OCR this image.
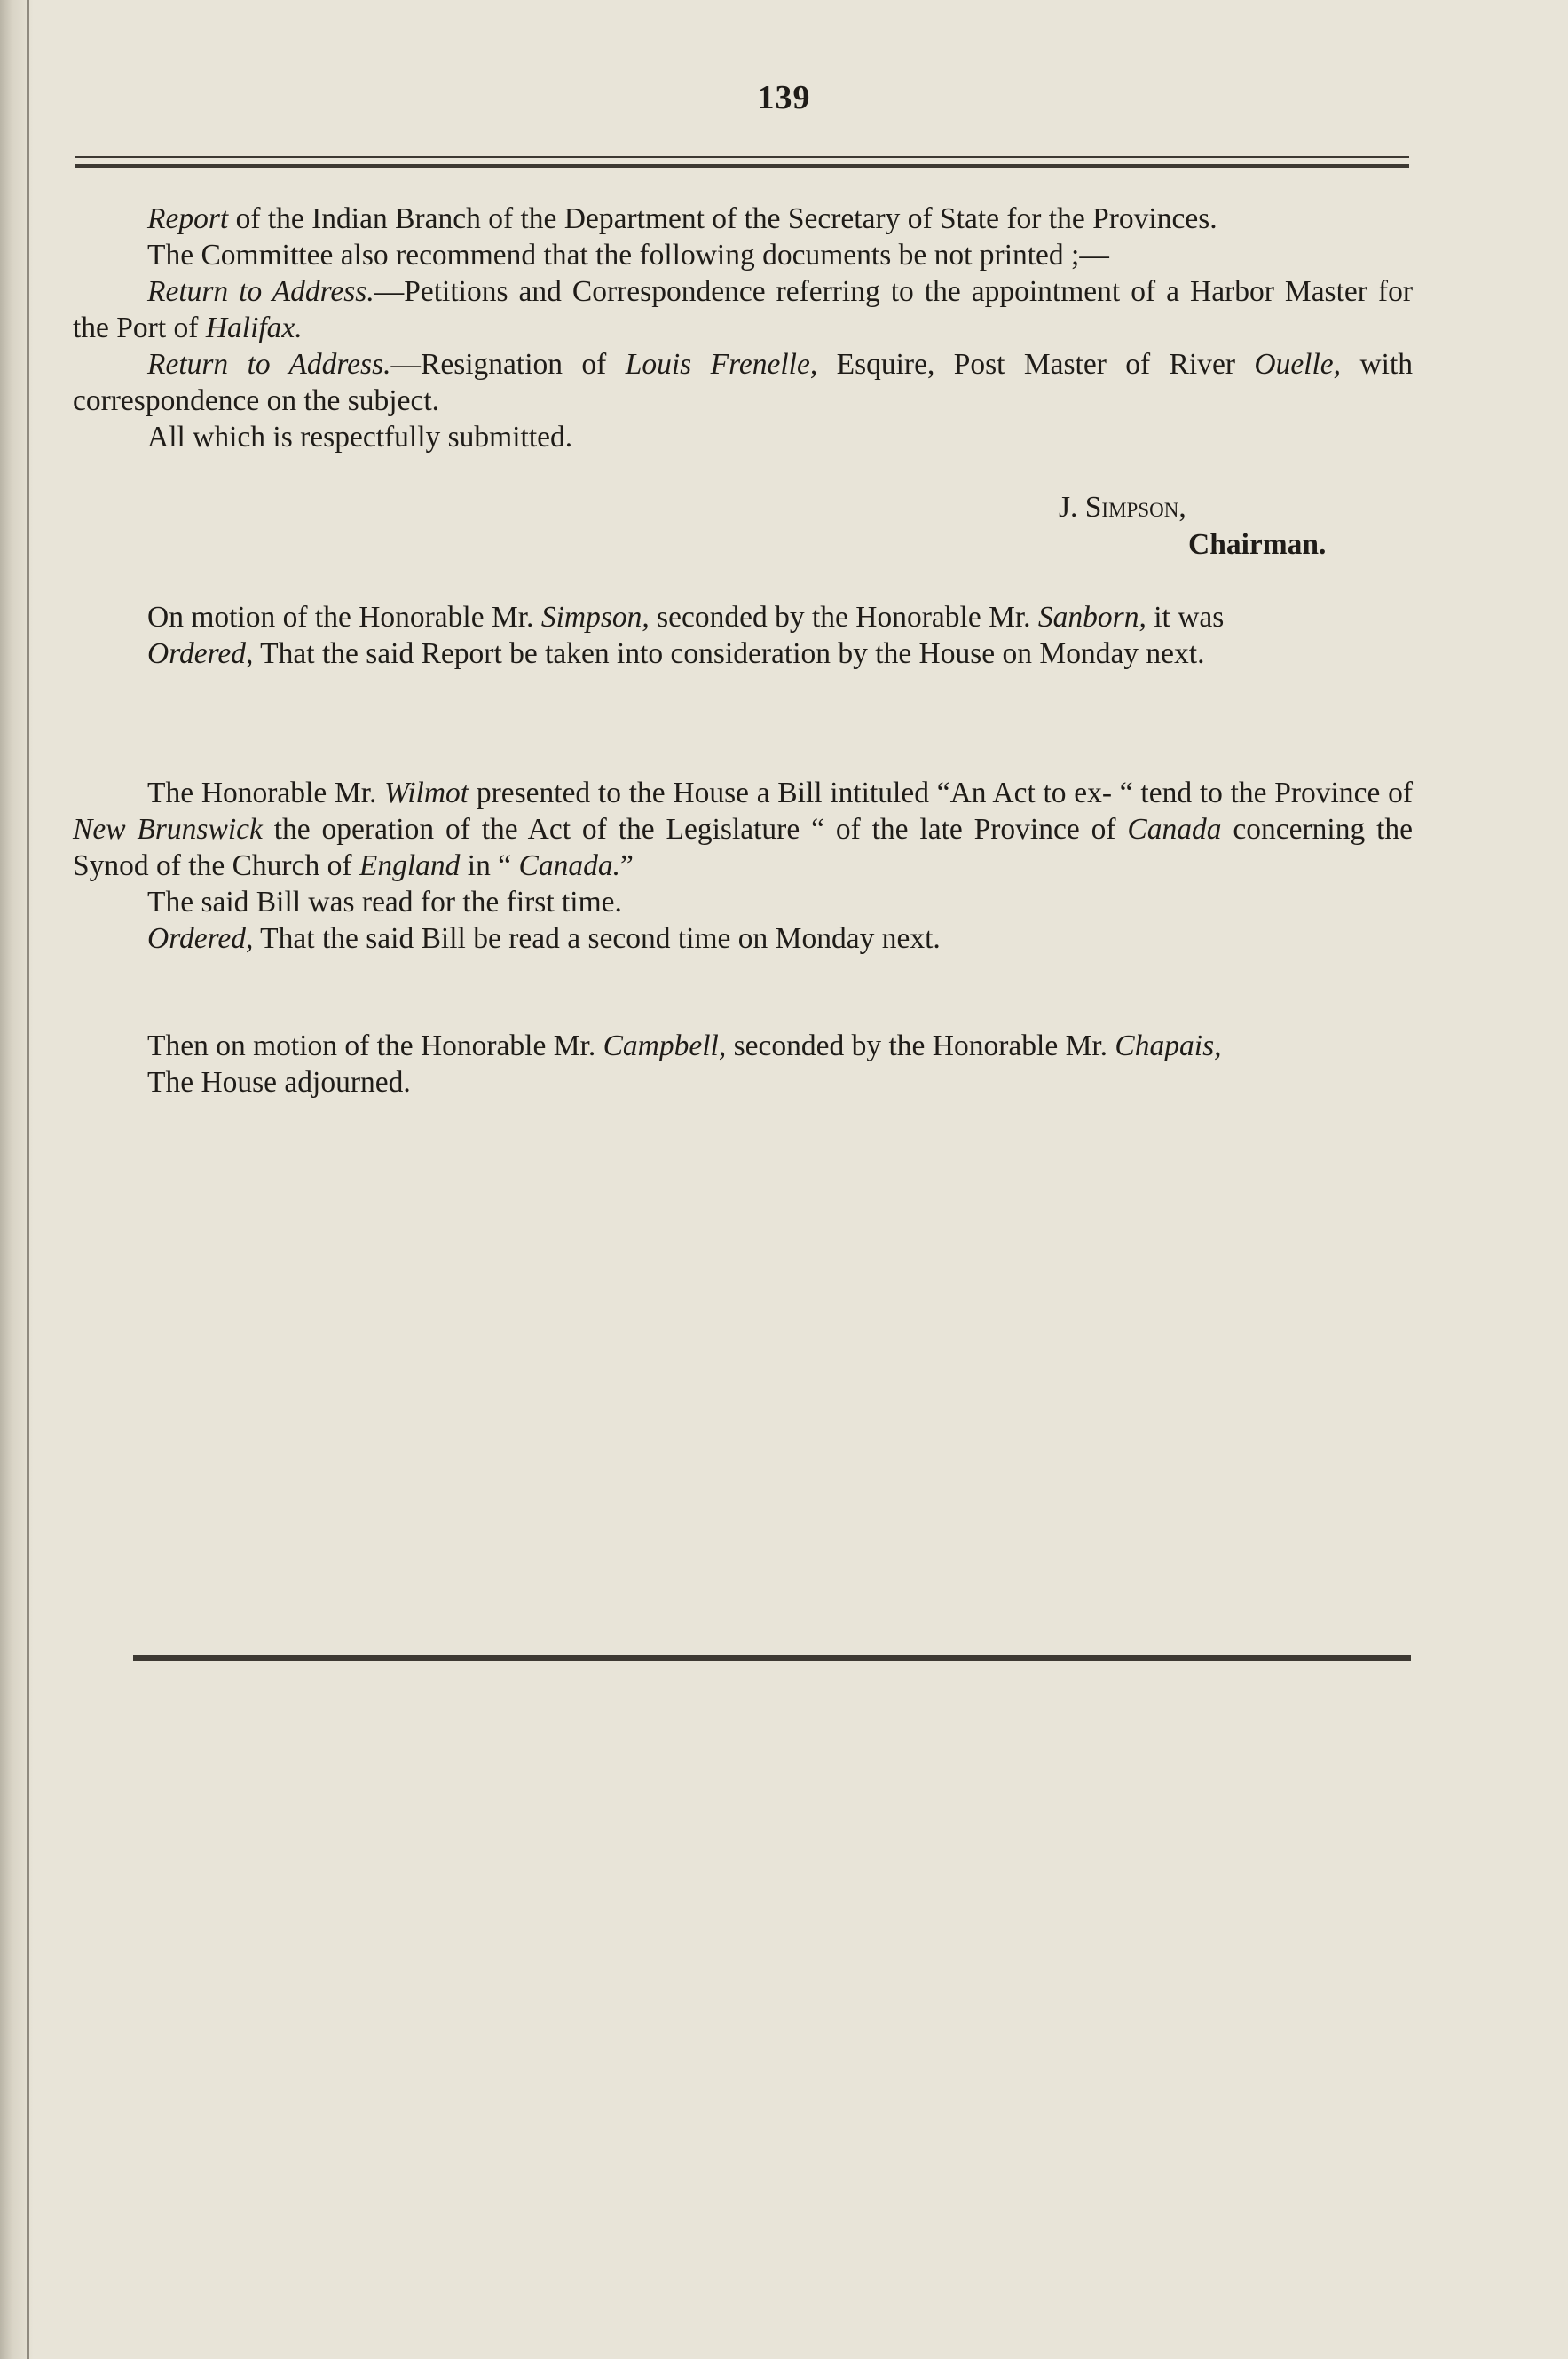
139

Report of the Indian Branch of the Department of the Secretary of State for the Provinces.

The Committee also recommend that the following documents be not printed ;—

Return to Address.—Petitions and Correspondence referring to the appointment of a Harbor Master for the Port of Halifax.

Return to Address.—Resignation of Louis Frenelle, Esquire, Post Master of River Ouelle, with correspondence on the subject.

All which is respectfully submitted.

J. Simpson,
Chairman.

On motion of the Honorable Mr. Simpson, seconded by the Honorable Mr. Sanborn, it was

Ordered, That the said Report be taken into consideration by the House on Monday next.

The Honorable Mr. Wilmot presented to the House a Bill intituled “An Act to ex- “ tend to the Province of New Brunswick the operation of the Act of the Legislature “ of the late Province of Canada concerning the Synod of the Church of England in “ Canada.”

The said Bill was read for the first time.

Ordered, That the said Bill be read a second time on Monday next.

Then on motion of the Honorable Mr. Campbell, seconded by the Honorable Mr. Chapais,

The House adjourned.
